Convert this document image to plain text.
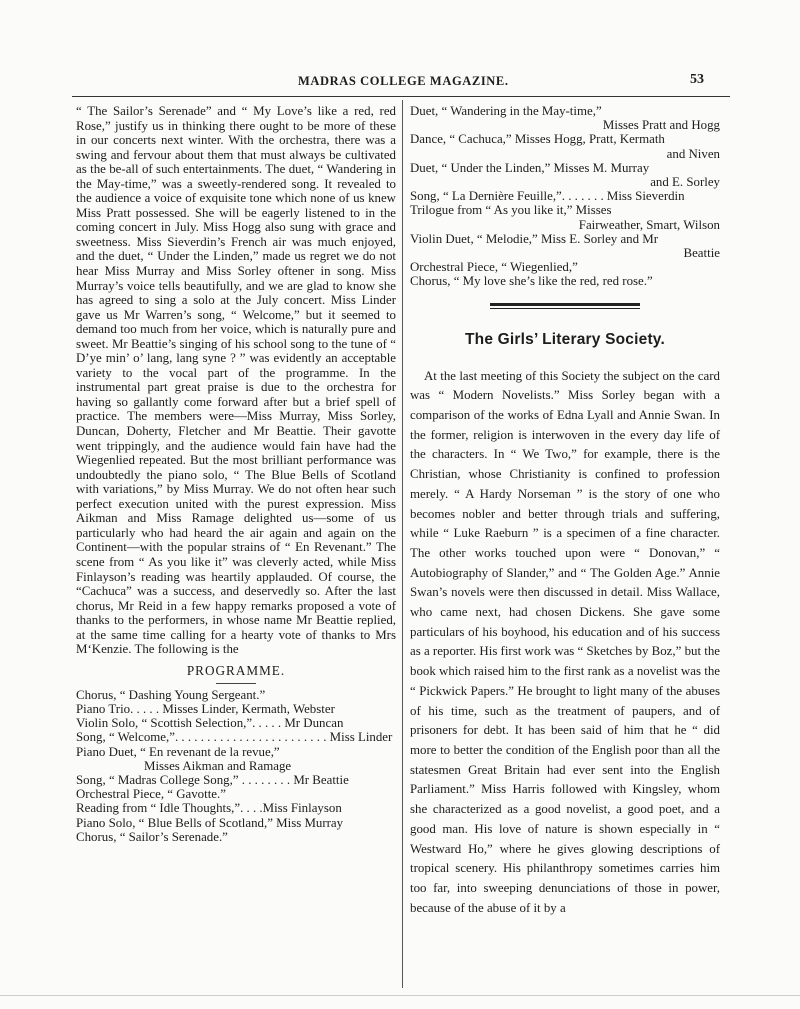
MADRAS COLLEGE MAGAZINE.	53

“ The Sailor’s Serenade” and “ My Love’s like a red, red Rose,” justify us in thinking there ought to be more of these in our concerts next winter. With the orchestra, there was a swing and fervour about them that must always be cultivated as the be-all of such entertainments. The duet, “ Wandering in the May-time,” was a sweetly-rendered song. It revealed to the audience a voice of exquisite tone which none of us knew Miss Pratt possessed. She will be eagerly listened to in the coming concert in July. Miss Hogg also sung with grace and sweetness. Miss Sieverdin’s French air was much enjoyed, and the duet, “ Under the Linden,” made us regret we do not hear Miss Murray and Miss Sorley oftener in song. Miss Murray’s voice tells beautifully, and we are glad to know she has agreed to sing a solo at the July concert. Miss Linder gave us Mr Warren’s song, “ Welcome,” but it seemed to demand too much from her voice, which is naturally pure and sweet. Mr Beattie’s singing of his school song to the tune of “ D’ye min’ o’ lang, lang syne ? ” was evidently an acceptable variety to the vocal part of the programme. In the instrumental part great praise is due to the orchestra for having so gallantly come forward after but a brief spell of practice. The members were—Miss Murray, Miss Sorley, Duncan, Doherty, Fletcher and Mr Beattie. Their gavotte went trippingly, and the audience would fain have had the Wiegenlied repeated. But the most brilliant performance was undoubtedly the piano solo, “ The Blue Bells of Scotland with variations,” by Miss Murray. We do not often hear such perfect execution united with the purest expression. Miss Aikman and Miss Ramage delighted us—some of us particularly who had heard the air again and again on the Continent—with the popular strains of “ En Revenant.” The scene from “ As you like it” was cleverly acted, while Miss Finlayson’s reading was heartily applauded. Of course, the “Cachuca” was a success, and deservedly so. After the last chorus, Mr Reid in a few happy remarks proposed a vote of thanks to the performers, in whose name Mr Beattie replied, at the same time calling for a hearty vote of thanks to Mrs M‘Kenzie. The following is the

PROGRAMME.

Chorus, “ Dashing Young Sergeant.”

Piano Trio. . . . . Misses Linder, Kermath, Webster

Violin Solo, “ Scottish Selection,”. . . . . Mr Duncan

Song, “ Welcome,”. . . . . . . . . . . . . . . . . . . . . . . . Miss Linder

Piano Duet, “ En revenant de la revue,”

Misses Aikman and Ramage

Song, “ Madras College Song,” . . . . . . . . Mr Beattie

Orchestral Piece, “ Gavotte.”

Reading from “ Idle Thoughts,”. . . .Miss Finlayson

Piano Solo, “ Blue Bells of Scotland,” Miss Murray

Chorus, “ Sailor’s Serenade.”

Duet, “ Wandering in the May-time,”

Misses Pratt and Hogg

Dance, “ Cachuca,” Misses Hogg, Pratt, Kermath

and Niven

Duet, “ Under the Linden,” Misses M. Murray

and E. Sorley

Song, “ La Dernière Feuille,”. . . . . . . Miss Sieverdin

Trilogue from “ As you like it,” Misses

Fairweather, Smart, Wilson

Violin Duet, “ Melodie,” Miss E. Sorley and Mr

Beattie

Orchestral Piece, “ Wiegenlied,”

Chorus, “ My love she’s like the red, red rose.”

The Girls’ Literary Society.

At the last meeting of this Society the subject on the card was “ Modern Novelists.” Miss Sorley began with a comparison of the works of Edna Lyall and Annie Swan. In the former, religion is interwoven in the every day life of the characters. In “ We Two,” for example, there is the Christian, whose Christianity is confined to profession merely. “ A Hardy Norseman ” is the story of one who becomes nobler and better through trials and suffering, while “ Luke Raeburn ” is a specimen of a fine character. The other works touched upon were “ Donovan,” “ Autobiography of Slander,” and “ The Golden Age.” Annie Swan’s novels were then discussed in detail. Miss Wallace, who came next, had chosen Dickens. She gave some particulars of his boyhood, his education and of his success as a reporter. His first work was “ Sketches by Boz,” but the book which raised him to the first rank as a novelist was the “ Pickwick Papers.” He brought to light many of the abuses of his time, such as the treatment of paupers, and of prisoners for debt. It has been said of him that he “ did more to better the condition of the English poor than all the statesmen Great Britain had ever sent into the English Parliament.” Miss Harris followed with Kingsley, whom she characterized as a good novelist, a good poet, and a good man. His love of nature is shown especially in “ Westward Ho,” where he gives glowing descriptions of tropical scenery. His philanthropy sometimes carries him too far, into sweeping denunciations of those in power, because of the abuse of it by a
